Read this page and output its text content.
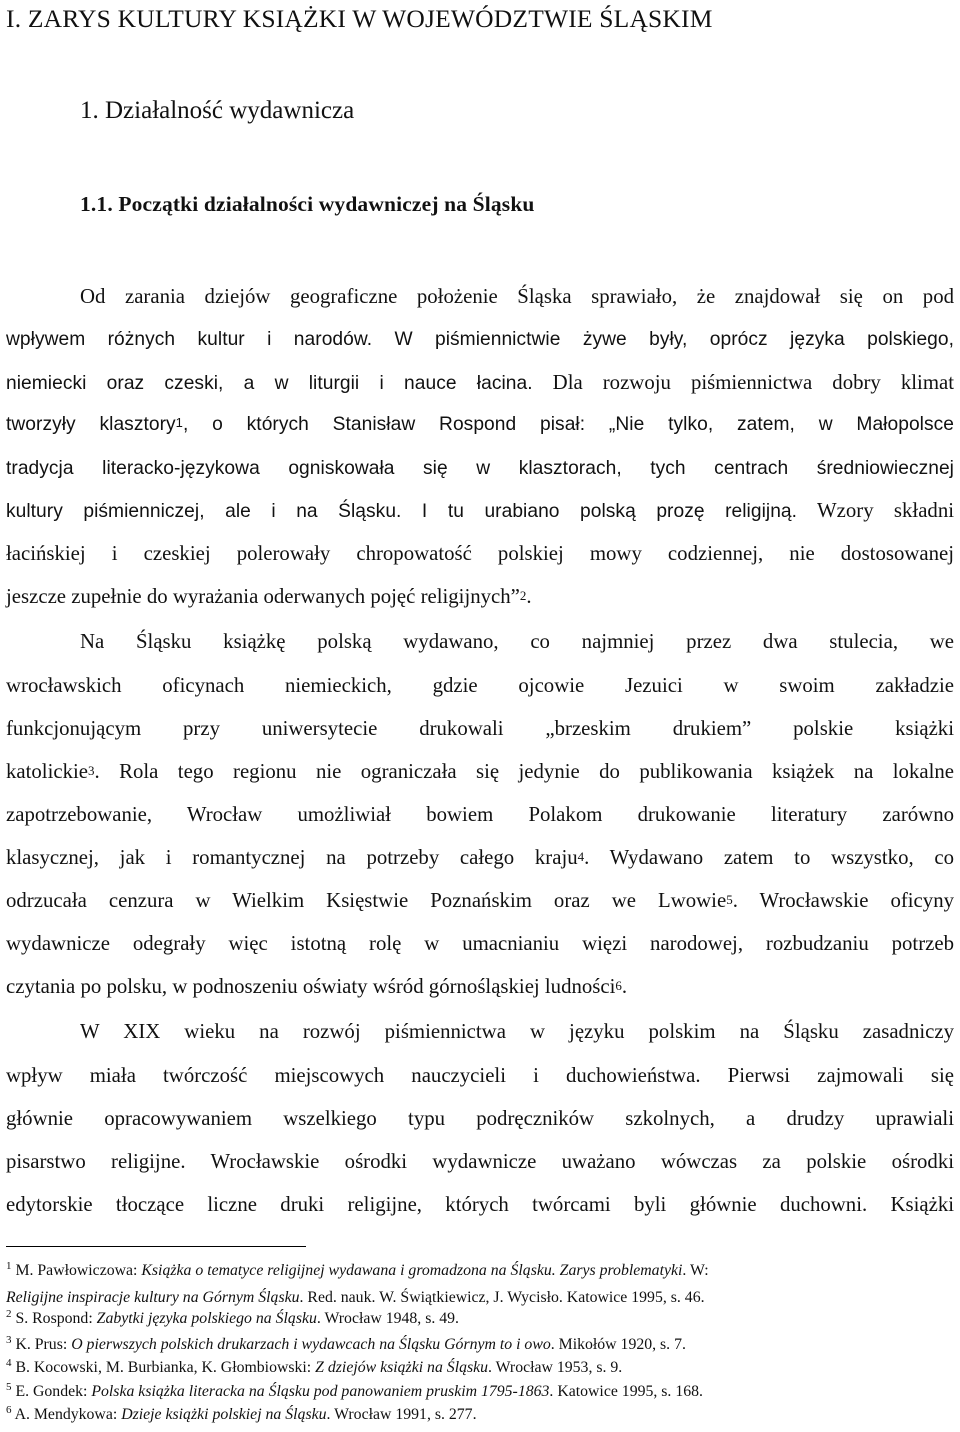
I. ZARYS KULTURY KSIĄŻKI W WOJEWÓDZTWIE ŚLĄSKIM
1. Działalność wydawnicza
1.1. Początki działalności wydawniczej na Śląsku
Od zarania dziejów geograficzne położenie Śląska sprawiało, że znajdował się on pod
wpływem różnych kultur i narodów. W piśmiennictwie żywe były, oprócz języka polskiego,
niemiecki oraz czeski, a w liturgii i nauce łacina. Dla rozwoju piśmiennictwa dobry klimat
tworzyły klasztory$^1$, o których Stanisław Rospond pisał: „Nie tylko, zatem, w Małopolsce
tradycja literacko-językowa ogniskowała się w klasztorach, tych centrach średniowiecznej
kultury piśmienniczej, ale i na Śląsku. I tu urabiano polską prozę religijną. Wzory składni
łacińskiej i czeskiej polerowały chropowatość polskiej mowy codziennej, nie dostosowanej
jeszcze zupełnie do wyrażania oderwanych pojęć religijnych”$^2$.
Na Śląsku książkę polską wydawano, co najmniej przez dwa stulecia, we
wrocławskich oficynach niemieckich, gdzie ojcowie Jezuici w swoim zakładzie
funkcjonującym przy uniwersytecie drukowali „brzeskim drukiem” polskie książki
katolickie$^3$. Rola tego regionu nie ograniczała się jedynie do publikowania książek na lokalne
zapotrzebowanie, Wrocław umożliwiał bowiem Polakom drukowanie literatury zarówno
klasycznej, jak i romantycznej na potrzeby całego kraju$^4$. Wydawano zatem to wszystko, co
odrzucała cenzura w Wielkim Księstwie Poznańskim oraz we Lwowie$^5$. Wrocławskie oficyny
wydawnicze odegrały więc istotną rolę w umacnianiu więzi narodowej, rozbudzaniu potrzeb
czytania po polsku, w podnoszeniu oświaty wśród górnośląskiej ludności$^6$.
W XIX wieku na rozwój piśmiennictwa w języku polskim na Śląsku zasadniczy
wpływ miała twórczość miejscowych nauczycieli i duchowieństwa. Pierwsi zajmowali się
głównie opracowywaniem wszelkiego typu podręczników szkolnych, a drudzy uprawiali
pisarstwo religijne. Wrocławskie ośrodki wydawnicze uważano wówczas za polskie ośrodki
edytorskie tłoczące liczne druki religijne, których twórcami byli głównie duchowni. Książki
$^1$ M. Pawłowiczowa: Książka o tematyce religijnej wydawana i gromadzona na Śląsku. Zarys problematyki. W:
Religijne inspiracje kultury na Górnym Śląsku. Red. nauk. W. Świątkiewicz, J. Wycisło. Katowice 1995, s. 46.
$^2$ S. Rospond: Zabytki języka polskiego na Śląsku. Wrocław 1948, s. 49.
$^3$ K. Prus: O pierwszych polskich drukarzach i wydawcach na Śląsku Górnym to i owo. Mikołów 1920, s. 7.
$^4$ B. Kocowski, M. Burbianka, K. Głombiowski: Z dziejów książki na Śląsku. Wrocław 1953, s. 9.
$^5$ E. Gondek: Polska książka literacka na Śląsku pod panowaniem pruskim 1795-1863. Katowice 1995, s. 168.
$^6$ A. Mendykowa: Dzieje książki polskiej na Śląsku. Wrocław 1991, s. 277.
